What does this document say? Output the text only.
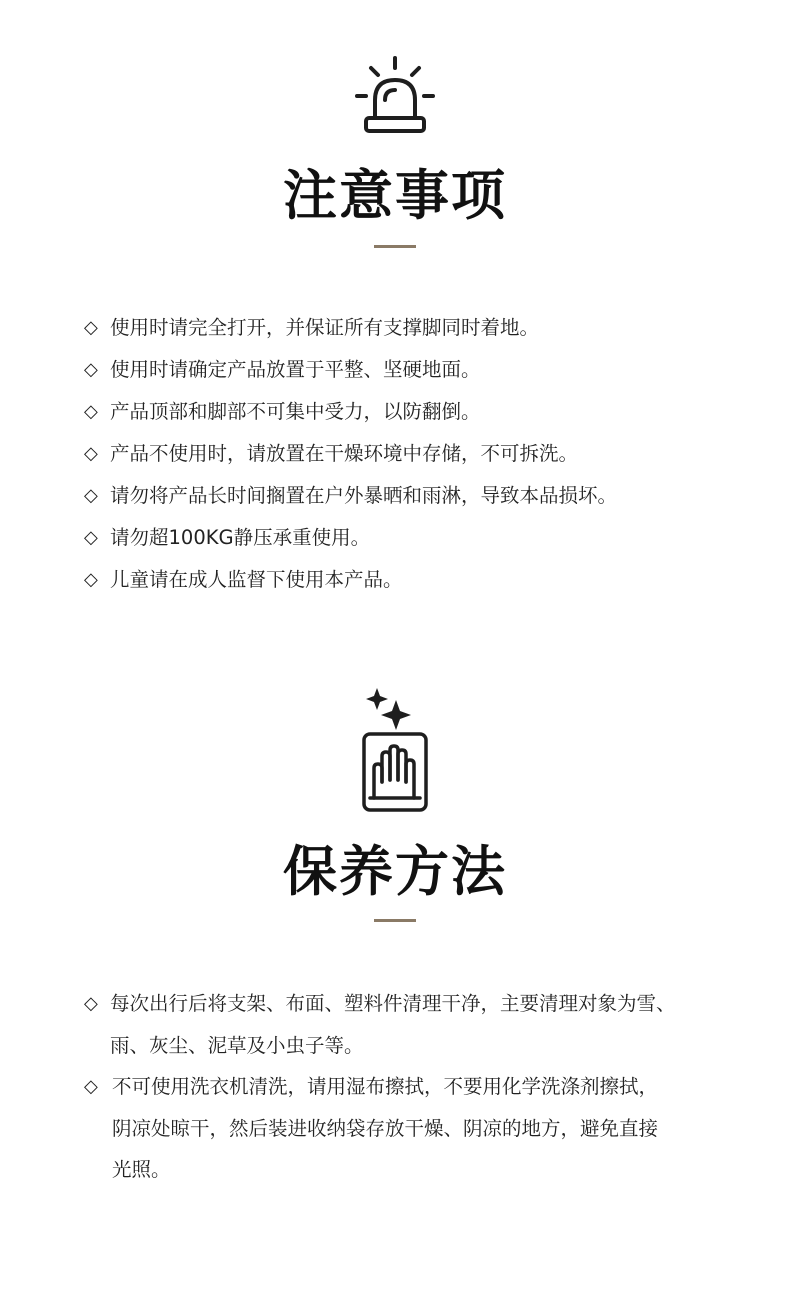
注意事项
◇ 使用时请完全打开，并保证所有支撑脚同时着地。
◇ 使用时请确定产品放置于平整、坚硬地面。
◇ 产品顶部和脚部不可集中受力，以防翻倒。
◇ 产品不使用时，请放置在干燥环境中存储，不可拆洗。
◇ 请勿将产品长时间搁置在户外暴晒和雨淋，导致本品损坏。
◇ 请勿超100KG静压承重使用。
◇ 儿童请在成人监督下使用本产品。
保养方法
◇ 每次出行后将支架、布面、塑料件清理干净，主要清理对象为雪、雨、灰尘、泥草及小虫子等。
◇ 不可使用洗衣机清洗，请用湿布擦拭，不要用化学洗涤剂擦拭，阴凉处晾干，然后装进收纳袋存放干燥、阴凉的地方，避免直接光照。
